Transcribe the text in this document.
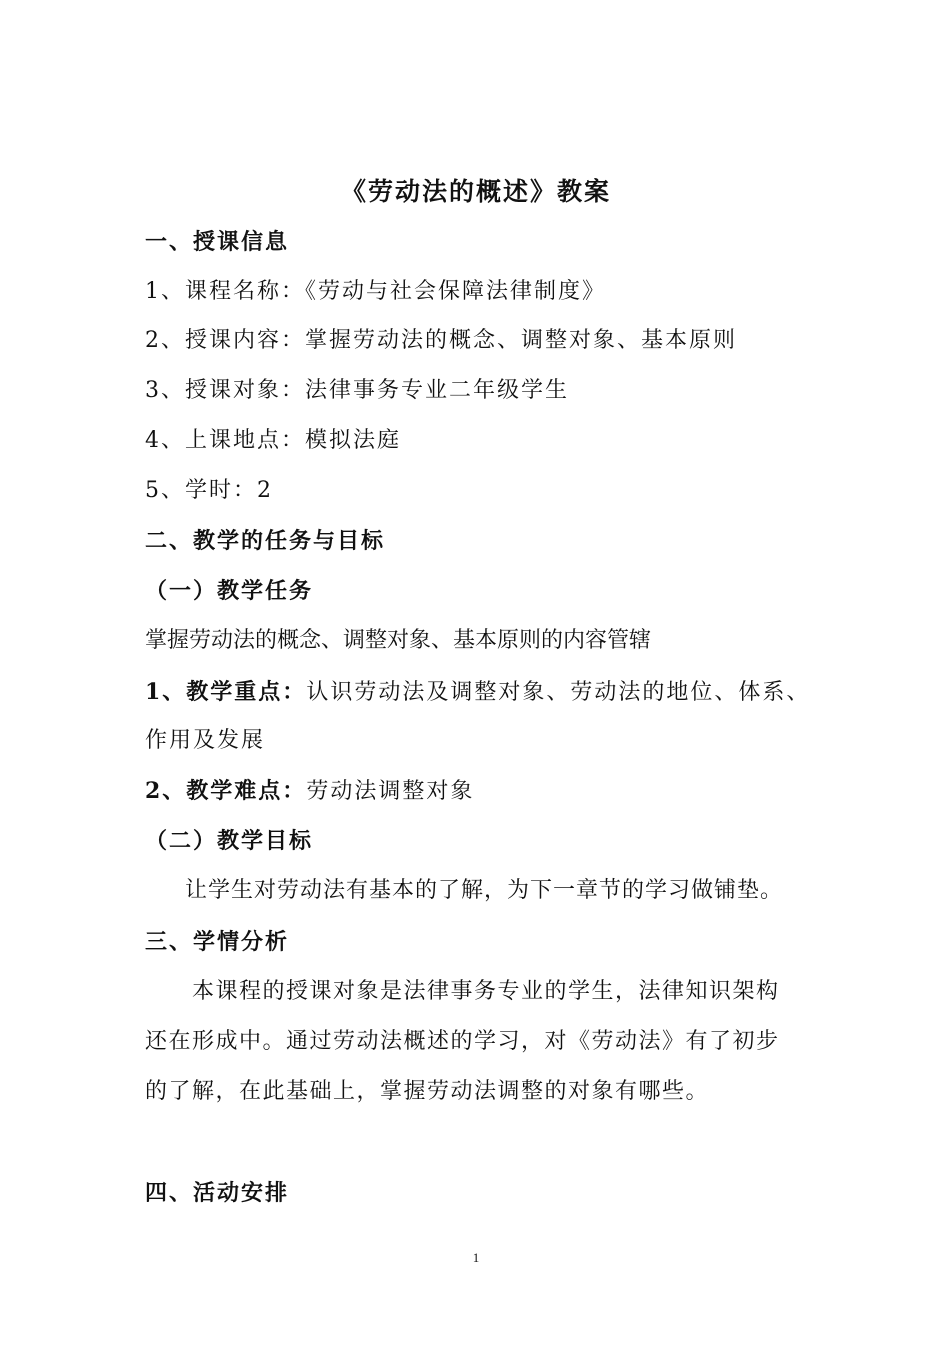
《劳动法的概述》教案
一、授课信息
1、课程名称：《劳动与社会保障法律制度》
2、授课内容：掌握劳动法的概念、调整对象、基本原则
3、授课对象：法律事务专业二年级学生
4、上课地点：模拟法庭
5、学时：2
二、教学的任务与目标
（一）教学任务
掌握劳动法的概念、调整对象、基本原则的内容管辖
1、教学重点：认识劳动法及调整对象、劳动法的地位、体系、
作用及发展
2、教学难点：劳动法调整对象
（二）教学目标
让学生对劳动法有基本的了解，为下一章节的学习做铺垫。
三、学情分析
本课程的授课对象是法律事务专业的学生，法律知识架构
还在形成中。通过劳动法概述的学习，对《劳动法》有了初步
的了解，在此基础上，掌握劳动法调整的对象有哪些。
四、活动安排
1
